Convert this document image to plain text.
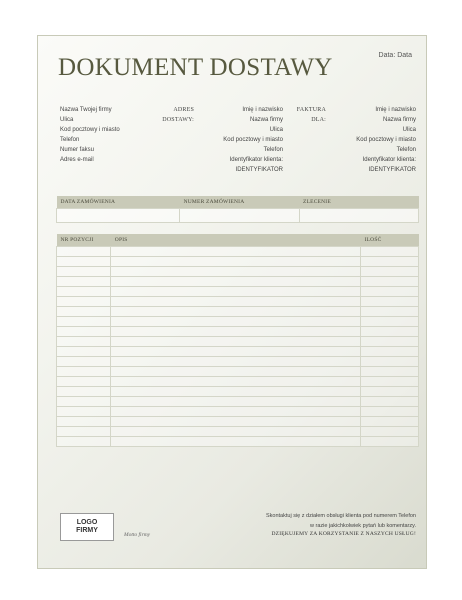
Data: Data
DOKUMENT DOSTAWY
Nazwa Twojej firmy
Ulica
Kod pocztowy i miasto
Telefon
Numer faksu
Adres e-mail
ADRES
DOSTAWY:
Imię i nazwisko
Nazwa firmy
Ulica
Kod pocztowy i miasto
Telefon
Identyfikator klienta:
IDENTYFIKATOR
FAKTURA
DLA:
Imię i nazwisko
Nazwa firmy
Ulica
Kod pocztowy i miasto
Telefon
Identyfikator klienta:
IDENTYFIKATOR
DATA ZAMÓWIENIA	NUMER ZAMÓWIENIA	ZLECENIE

NR POZYCJI	OPIS	ILOŚĆ

LOGO
FIRMY
Motto firmy
Skontaktuj się z działem obsługi klienta pod numerem Telefon
w razie jakichkolwiek pytań lub komentarzy.
DZIĘKUJEMY ZA KORZYSTANIE Z NASZYCH USŁUG!
